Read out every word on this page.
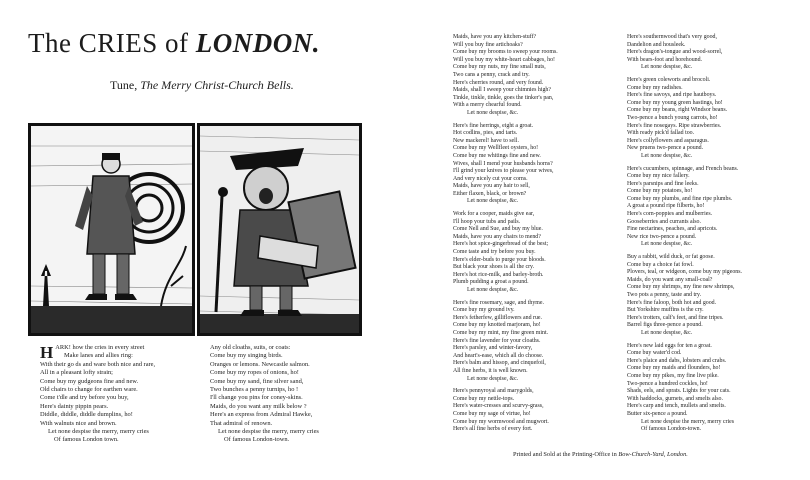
The CRIES of LONDON.
Tune, The Merry Christ-Church Bells.
H ARK! how the cries in every street
Make lanes and allies ring:
With their go ds and ware both nice and rare,
All in a pleasant lofty strain;
Come buy my gudgeons fine and new.
Old chairs to change for earthen ware.
Come t'dle and try before you buy,
Here's dainty pippin pears.
Diddle, diddle, diddle dumplins, ho!
With walnuts nice and brown.
Let none despise the merry, merry cries
Of famous London town.
Any old cloaths, suits, or coats:
Come buy my singing birds.
Oranges or lemons. Newcastle salmon.
Come buy my ropes of onions, ho!
Come buy my sand, fine silver sand,
Two bunches a penny turnips, ho !
I'll change you pins for coney-skins.
Maids, do you want any milk below ?
Here's an express from Admiral Hawke,
That admiral of renown.
Let none despise the merry, merry cries
Of famous London-town.
Maids, have you any kitchen-stuff?
Will you buy fine artichoaks?
Come buy my brooms to sweep your rooms.
Will you buy my white-heart cabbages, ho!
Come buy my nuts, my fine small nuts,
Two cans a penny, crack and try.
Here's cherries round, and very found.
Maids, shall I sweep your chimnies high?
Tinkle, tinkle, tinkle, goes the tinker's pan,
With a merry chearful found.
Let none despise, &c.
Here's fine herrings, eight a groat.
Hot codlins, pies, and tarts.
New mackerel! have to sell.
Come buy my Wellfleet oysters, ho!
Come buy me whitings fine and new.
Wives, shall I mend your husbands horns?
I'll grind your knives to please your wives,
And very nicely cut your corns.
Maids, have you any hair to sell,
Either flaxen, black, or brown?
Let none despise, &c.
Work for a cooper, maids give ear,
I'll hoop your tubs and pails.
Come Nell and Sue, and buy my blue.
Maids, have you any chairs to mend?
Here's hot spice-gingerbread of the best;
Come taste and try before you buy.
Here's elder-buds to purge your bloods.
But black your shoes is all the cry.
Here's hot rice-milk, and barley-broth.
Plumb pudding a groat a pound.
Let none despise, &c.
Here's fine rosemary, sage, and thyme.
Come buy my ground ivy.
Here's fetherfew, gilliflowers and rue.
Come buy my knotted marjoram, ho!
Come buy my mint, my fine green mint.
Here's fine lavender for your cloaths.
Here's parsley, and winter-favory,
And heart's-ease, which all do choose.
Here's balm and hissop, and cinquefoil,
All fine herbs, it is well known.
Let none despise, &c.
Here's pennyroyal and marygolds,
Come buy my nettle-tops.
Here's water-cresses and scurvy-grass,
Come buy my sage of virtue, ho!
Come buy my wormwood and mugwort.
Here's all fine herbs of every fort.
Here's southernwood that's very good,
Dandelion and housleek.
Here's dragon's-tongue and wood-sorrel,
With bears-foot and horehound.
Let none despise, &c.
Here's green coleworts and brocoli.
Come buy my radishes.
Here's fine savoys, and ripe hautboys.
Come buy my young green hastings, ho!
Come buy my beans, right Windsor beans.
Two-pence a bunch young carrots, ho!
Here's fine nosegays. Ripe strawberries.
With ready pick'd fallad too.
Here's collyflowers and asparagus.
New pruens two-pence a pound.
Let none despise, &c.
Here's cucumbers, spinnage, and French beans.
Come buy my nice fallery.
Here's parsnips and fine leeks.
Come buy my potatoes, ho!
Come buy my plumbs, and fine ripe plumbs.
A groat a pound ripe filberts, ho!
Here's corn-poppies and mulberries.
Gooseberries and currants also.
Fine nectarines, peaches, and apricots.
New rice two-pence a pound.
Let none despise, &c.
Buy a rabbit, wild duck, or fat goose.
Come buy a choice fat fowl.
Plovers, teal, or widgeon, come buy my pigeons.
Maids, do you want any small-coal?
Come buy my shrimps, my fine new shrimps,
Two pots a penny, taste and try.
Here's fine faloop, both hot and good.
But Yorkshire muffins is the cry.
Here's trotters, calf's feet, and fine tripes.
Barrel figs three-pence a pound.
Let none despise, &c.
Here's new laid eggs for ten a groat.
Come buy water'd cod.
Here's plaice and dabs, lobsters and crabs.
Come buy my maids and flounders, ho!
Come buy my pikes, my fine live pike.
Two-pence a hundred cockles, ho!
Shads, eels, and sprats. Lights for your cats.
With haddocks, gurnets, and smelts also.
Here's carp and tench, mullets and smelts.
Butter six-pence a pound.
Let none despise the merry, merry cries
Of famous London-town.
Printed and Sold at the Printing-Office in Bow-Church-Yard, London.
